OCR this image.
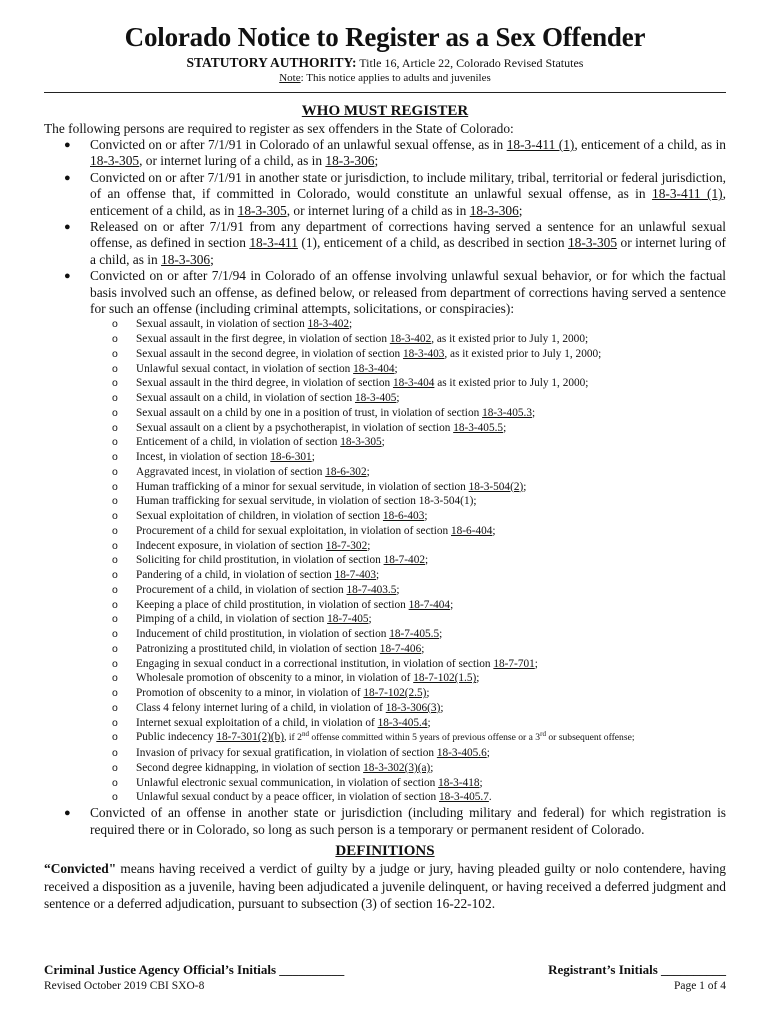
Colorado Notice to Register as a Sex Offender
STATUTORY AUTHORITY: Title 16, Article 22, Colorado Revised Statutes
Note: This notice applies to adults and juveniles
WHO MUST REGISTER
The following persons are required to register as sex offenders in the State of Colorado:
● Convicted on or after 7/1/91 in Colorado of an unlawful sexual offense, as in 18-3-411 (1), enticement of a child, as in 18-3-305, or internet luring of a child, as in 18-3-306;
● Convicted on or after 7/1/91 in another state or jurisdiction, to include military, tribal, territorial or federal jurisdiction, of an offense that, if committed in Colorado, would constitute an unlawful sexual offense, as in 18-3-411 (1), enticement of a child, as in 18-3-305, or internet luring of a child as in 18-3-306;
● Released on or after 7/1/91 from any department of corrections having served a sentence for an unlawful sexual offense, as defined in section 18-3-411 (1), enticement of a child, as described in section 18-3-305 or internet luring of a child, as in 18-3-306;
● Convicted on or after 7/1/94 in Colorado of an offense involving unlawful sexual behavior, or for which the factual basis involved such an offense, as defined below, or released from department of corrections having served a sentence for such an offense (including criminal attempts, solicitations, or conspiracies):
o Sexual assault, in violation of section 18-3-402;
o Sexual assault in the first degree, in violation of section 18-3-402, as it existed prior to July 1, 2000;
o Sexual assault in the second degree, in violation of section 18-3-403, as it existed prior to July 1, 2000;
o Unlawful sexual contact, in violation of section 18-3-404;
o Sexual assault in the third degree, in violation of section 18-3-404 as it existed prior to July 1, 2000;
o Sexual assault on a child, in violation of section 18-3-405;
o Sexual assault on a child by one in a position of trust, in violation of section 18-3-405.3;
o Sexual assault on a client by a psychotherapist, in violation of section 18-3-405.5;
o Enticement of a child, in violation of section 18-3-305;
o Incest, in violation of section 18-6-301;
o Aggravated incest, in violation of section 18-6-302;
o Human trafficking of a minor for sexual servitude, in violation of section 18-3-504(2);
o Human trafficking for sexual servitude, in violation of section 18-3-504(1);
o Sexual exploitation of children, in violation of section 18-6-403;
o Procurement of a child for sexual exploitation, in violation of section 18-6-404;
o Indecent exposure, in violation of section 18-7-302;
o Soliciting for child prostitution, in violation of section 18-7-402;
o Pandering of a child, in violation of section 18-7-403;
o Procurement of a child, in violation of section 18-7-403.5;
o Keeping a place of child prostitution, in violation of section 18-7-404;
o Pimping of a child, in violation of section 18-7-405;
o Inducement of child prostitution, in violation of section 18-7-405.5;
o Patronizing a prostituted child, in violation of section 18-7-406;
o Engaging in sexual conduct in a correctional institution, in violation of section 18-7-701;
o Wholesale promotion of obscenity to a minor, in violation of 18-7-102(1.5);
o Promotion of obscenity to a minor, in violation of 18-7-102(2.5);
o Class 4 felony internet luring of a child, in violation of 18-3-306(3);
o Internet sexual exploitation of a child, in violation of 18-3-405.4;
o Public indecency 18-7-301(2)(b), if 2nd offense committed within 5 years of previous offense or a 3rd or subsequent offense;
o Invasion of privacy for sexual gratification, in violation of section 18-3-405.6;
o Second degree kidnapping, in violation of section 18-3-302(3)(a);
o Unlawful electronic sexual communication, in violation of section 18-3-418;
o Unlawful sexual conduct by a peace officer, in violation of section 18-3-405.7.
● Convicted of an offense in another state or jurisdiction (including military and federal) for which registration is required there or in Colorado, so long as such person is a temporary or permanent resident of Colorado.
DEFINITIONS
“Convicted" means having received a verdict of guilty by a judge or jury, having pleaded guilty or nolo contendere, having received a disposition as a juvenile, having been adjudicated a juvenile delinquent, or having received a deferred judgment and sentence or a deferred adjudication, pursuant to subsection (3) of section 16-22-102.
Criminal Justice Agency Official’s Initials __________	Registrant’s Initials __________
Revised October 2019 CBI SXO-8	Page 1 of 4
